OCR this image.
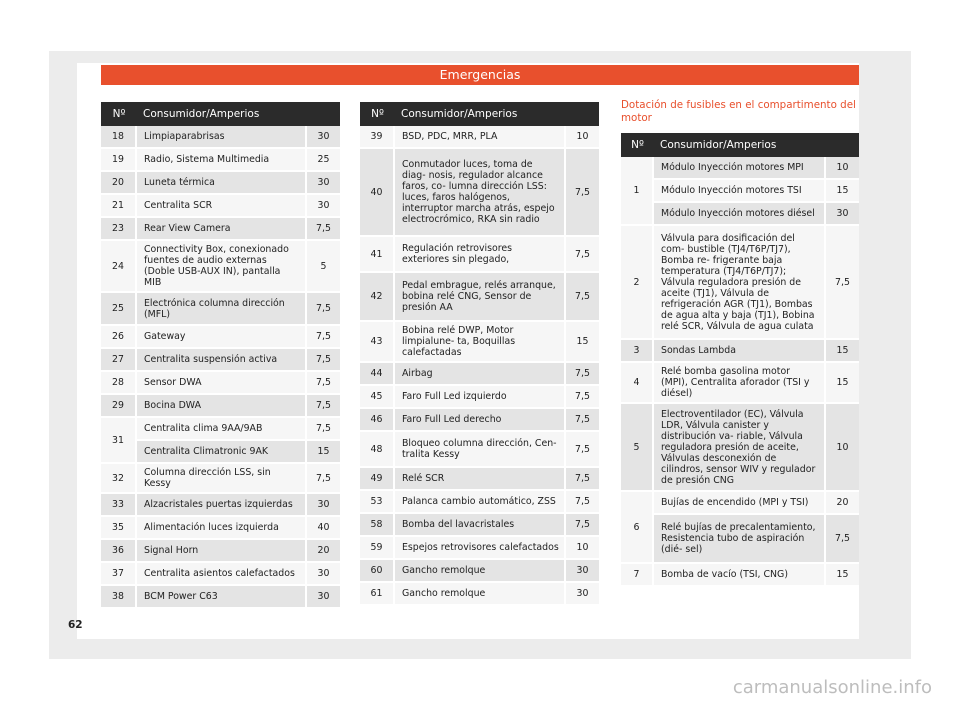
Emergencias
Nº	Consumidor/Amperios	
18	Limpiaparabrisas	30
19	Radio, Sistema Multimedia	25
20	Luneta térmica	30
21	Centralita SCR	30
23	Rear View Camera	7,5
24	Connectivity Box, conexionado fuentes de audio externas (Doble USB-AUX IN), pantalla MIB	5
25	Electrónica columna dirección (MFL)	7,5
26	Gateway	7,5
27	Centralita suspensión activa	7,5
28	Sensor DWA	7,5
29	Bocina DWA	7,5
31	Centralita clima 9AA/9AB	7,5
	Centralita Climatronic 9AK	15
32	Columna dirección LSS, sin Kessy	7,5
33	Alzacristales puertas izquierdas	30
35	Alimentación luces izquierda	40
36	Signal Horn	20
37	Centralita asientos calefactados	30
38	BCM Power C63	30
Nº	Consumidor/Amperios	
39	BSD, PDC, MRR, PLA	10
40	Conmutador luces, toma de diag- nosis, regulador alcance faros, co- lumna dirección LSS: luces, faros halógenos, interruptor marcha atrás, espejo electrocrómico, RKA sin radio	7,5
41	Regulación retrovisores exteriores sin plegado,	7,5
42	Pedal embrague, relés arranque, bobina relé CNG, Sensor de presión AA	7,5
43	Bobina relé DWP, Motor limpialune- ta, Boquillas calefactadas	15
44	Airbag	7,5
45	Faro Full Led izquierdo	7,5
46	Faro Full Led derecho	7,5
48	Bloqueo columna dirección, Cen- tralita Kessy	7,5
49	Relé SCR	7,5
53	Palanca cambio automático, ZSS	7,5
58	Bomba del lavacristales	7,5
59	Espejos retrovisores calefactados	10
60	Gancho remolque	30
61	Gancho remolque	30
Dotación de fusibles en el compartimento del motor
Nº	Consumidor/Amperios	
1	Módulo Inyección motores MPI	10
	Módulo Inyección motores TSI	15
	Módulo Inyección motores diésel	30
2	Válvula para dosificación del com- bustible (TJ4/T6P/TJ7), Bomba re- frigerante baja temperatura (TJ4/T6P/TJ7); Válvula reguladora presión de aceite (TJ1), Válvula de refrigeración AGR (TJ1), Bombas de agua alta y baja (TJ1), Bobina relé SCR, Válvula de agua culata	7,5
3	Sondas Lambda	15
4	Relé bomba gasolina motor (MPI), Centralita aforador (TSI y diésel)	15
5	Electroventilador (EC), Válvula LDR, Válvula canister y distribución va- riable, Válvula reguladora presión de aceite, Válvulas desconexión de cilindros, sensor WIV y regulador de presión CNG	10
6	Bujías de encendido (MPI y TSI)	20
	Relé bujías de precalentamiento, Resistencia tubo de aspiración (dié- sel)	7,5
7	Bomba de vacío (TSI, CNG)	15
62
carmanualsonline.info
